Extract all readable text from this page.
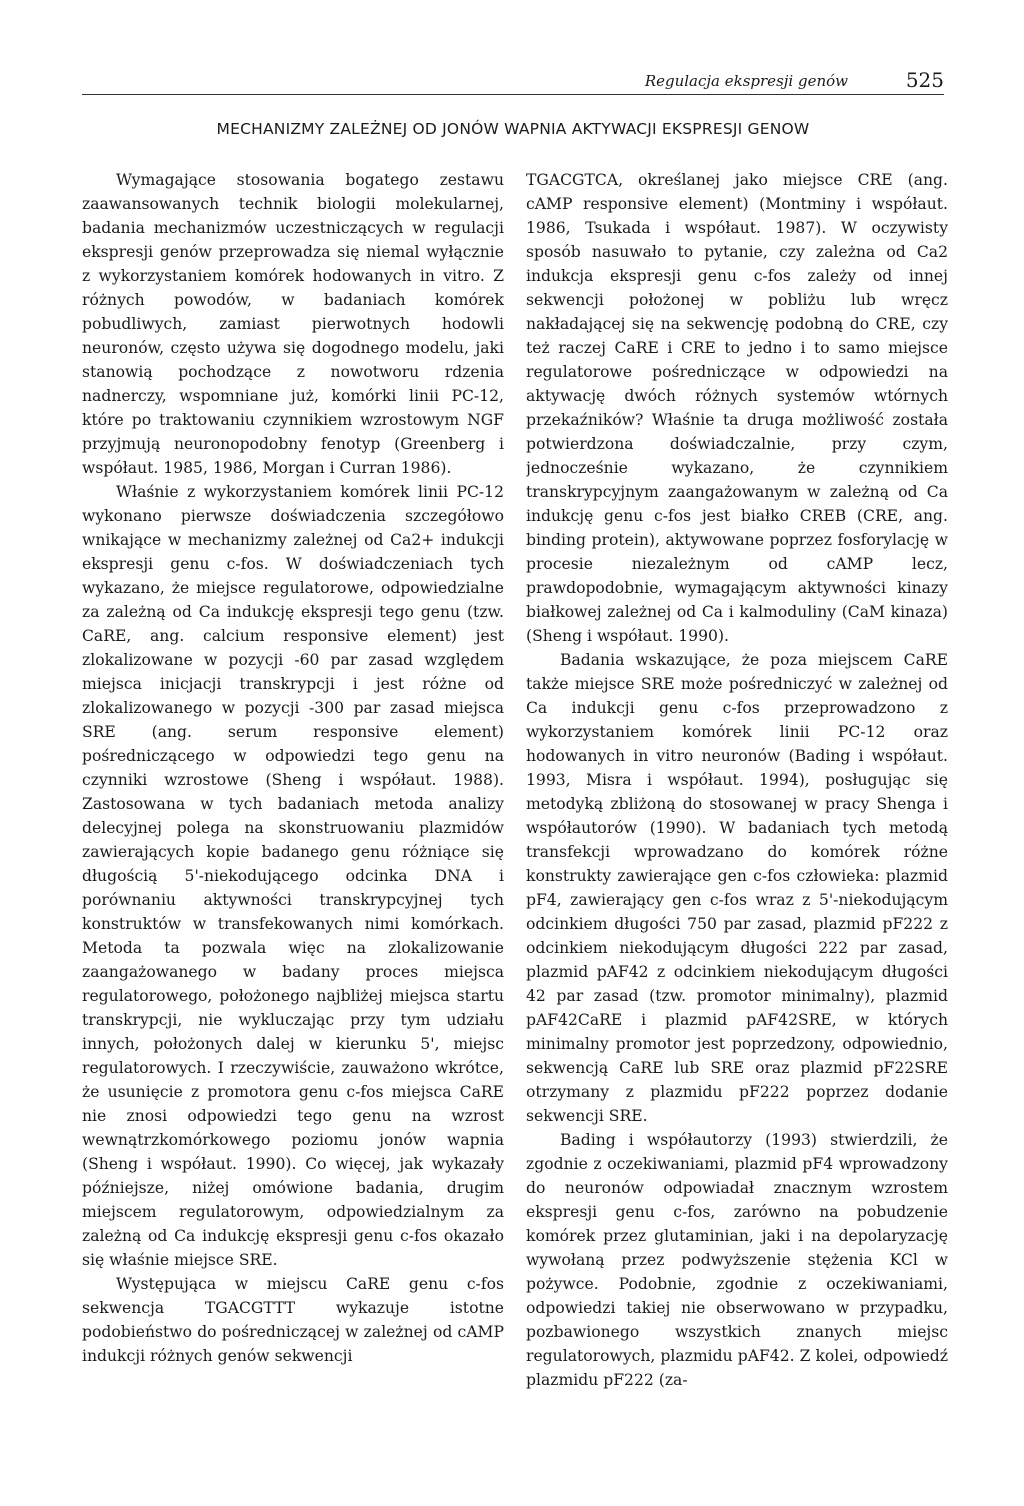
Regulacja ekspresji genów	525
MECHANIZMY ZALEŻNEJ OD JONÓW WAPNIA AKTYWACJI EKSPRESJI GENOW

Wymagające stosowania bogatego zestawu zaawansowanych technik biologii molekularnej, badania mechanizmów uczestniczących w regulacji ekspresji genów przeprowadza się niemal wyłącznie z wykorzystaniem komórek hodowanych in vitro. Z różnych powodów, w badaniach komórek pobudliwych, zamiast pierwotnych hodowli neuronów, często używa się dogodnego modelu, jaki stanowią pochodzące z nowotworu rdzenia nadnerczy, wspomniane już, komórki linii PC-12, które po traktowaniu czynnikiem wzrostowym NGF przyjmują neuronopodobny fenotyp (Greenberg i współaut. 1985, 1986, Morgan i Curran 1986).

Właśnie z wykorzystaniem komórek linii PC-12 wykonano pierwsze doświadczenia szczegółowo wnikające w mechanizmy zależnej od Ca2+ indukcji ekspresji genu c-fos. W doświadczeniach tych wykazano, że miejsce regulatorowe, odpowiedzialne za zależną od Ca indukcję ekspresji tego genu (tzw. CaRE, ang. calcium responsive element) jest zlokalizowane w pozycji -60 par zasad względem miejsca inicjacji transkrypcji i jest różne od zlokalizowanego w pozycji -300 par zasad miejsca SRE (ang. serum responsive element) pośredniczącego w odpowiedzi tego genu na czynniki wzrostowe (Sheng i współaut. 1988). Zastosowana w tych badaniach metoda analizy delecyjnej polega na skonstruowaniu plazmidów zawierających kopie badanego genu różniące się długością 5'-niekodującego odcinka DNA i porównaniu aktywności transkrypcyjnej tych konstruktów w transfekowanych nimi komórkach. Metoda ta pozwala więc na zlokalizowanie zaangażowanego w badany proces miejsca regulatorowego, położonego najbliżej miejsca startu transkrypcji, nie wykluczając przy tym udziału innych, położonych dalej w kierunku 5', miejsc regulatorowych. I rzeczywiście, zauważono wkrótce, że usunięcie z promotora genu c-fos miejsca CaRE nie znosi odpowiedzi tego genu na wzrost wewnątrzkomórkowego poziomu jonów wapnia (Sheng i współaut. 1990). Co więcej, jak wykazały późniejsze, niżej omówione badania, drugim miejscem regulatorowym, odpowiedzialnym za zależną od Ca indukcję ekspresji genu c-fos okazało się właśnie miejsce SRE.

Występująca w miejscu CaRE genu c-fos sekwencja TGACGTTT wykazuje istotne podobieństwo do pośredniczącej w zależnej od cAMP indukcji różnych genów sekwencji

TGACGTCA, określanej jako miejsce CRE (ang. cAMP responsive element) (Montminy i współaut. 1986, Tsukada i współaut. 1987). W oczywisty sposób nasuwało to pytanie, czy zależna od Ca2 indukcja ekspresji genu c-fos zależy od innej sekwencji położonej w pobliżu lub wręcz nakładającej się na sekwencję podobną do CRE, czy też raczej CaRE i CRE to jedno i to samo miejsce regulatorowe pośredniczące w odpowiedzi na aktywację dwóch różnych systemów wtórnych przekaźników? Właśnie ta druga możliwość została potwierdzona doświadczalnie, przy czym, jednocześnie wykazano, że czynnikiem transkrypcyjnym zaangażowanym w zależną od Ca indukcję genu c-fos jest białko CREB (CRE, ang. binding protein), aktywowane poprzez fosforylację w procesie niezależnym od cAMP lecz, prawdopodobnie, wymagającym aktywności kinazy białkowej zależnej od Ca i kalmoduliny (CaM kinaza) (Sheng i współaut. 1990).

Badania wskazujące, że poza miejscem CaRE także miejsce SRE może pośredniczyć w zależnej od Ca indukcji genu c-fos przeprowadzono z wykorzystaniem komórek linii PC-12 oraz hodowanych in vitro neuronów (Bading i współaut. 1993, Misra i współaut. 1994), posługując się metodyką zbliżoną do stosowanej w pracy Shenga i współautorów (1990). W badaniach tych metodą transfekcji wprowadzano do komórek różne konstrukty zawierające gen c-fos człowieka: plazmid pF4, zawierający gen c-fos wraz z 5'-niekodującym odcinkiem długości 750 par zasad, plazmid pF222 z odcinkiem niekodującym długości 222 par zasad, plazmid pAF42 z odcinkiem niekodującym długości 42 par zasad (tzw. promotor minimalny), plazmid pAF42CaRE i plazmid pAF42SRE, w których minimalny promotor jest poprzedzony, odpowiednio, sekwencją CaRE lub SRE oraz plazmid pF22SRE otrzymany z plazmidu pF222 poprzez dodanie sekwencji SRE.

Bading i współautorzy (1993) stwierdzili, że zgodnie z oczekiwaniami, plazmid pF4 wprowadzony do neuronów odpowiadał znacznym wzrostem ekspresji genu c-fos, zarówno na pobudzenie komórek przez glutaminian, jaki i na depolaryzację wywołaną przez podwyższenie stężenia KCl w pożywce. Podobnie, zgodnie z oczekiwaniami, odpowiedzi takiej nie obserwowano w przypadku, pozbawionego wszystkich znanych miejsc regulatorowych, plazmidu pAF42. Z kolei, odpowiedź plazmidu pF222 (za-
